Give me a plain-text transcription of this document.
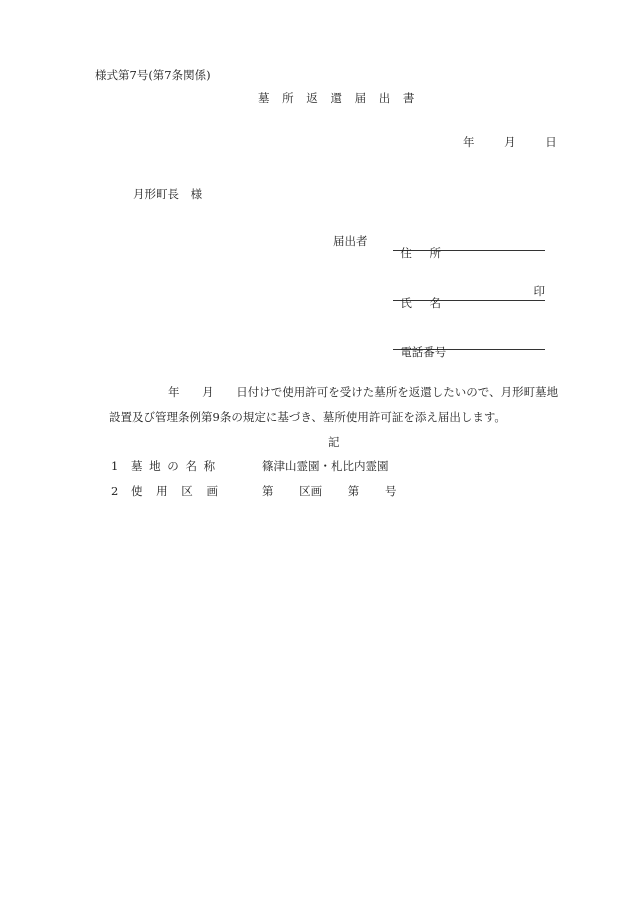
様式第7号(第7条関係)
墓 所 返 還 届 出 書
年 月 日
月形町長 様
届出者

住 所

氏 名

印

電話番号

年 月 日付けで使用許可を受けた墓所を返還したいので、月形町墓地
設置及び管理条例第9条の規定に基づき、墓所使用許可証を添え届出します。
記
1 墓 地 の 名 称	篠津山霊園・札比内霊園
2 使 用 区 画	第 区画 第 号
